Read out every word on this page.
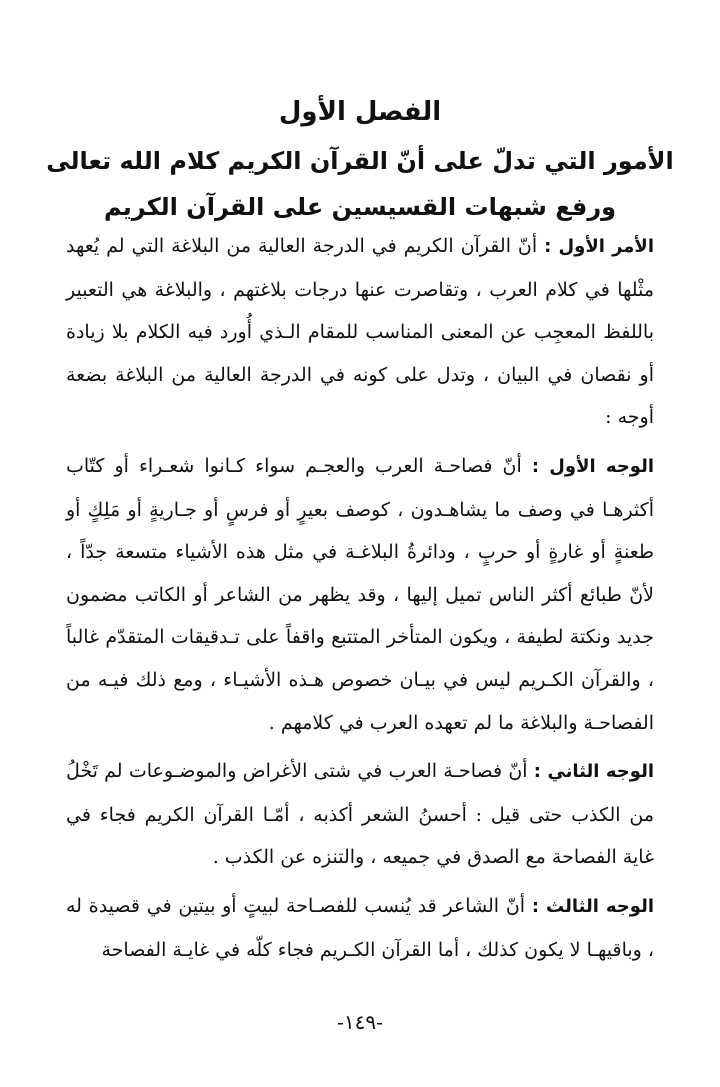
الفصل الأول
الأمور التي تدلّ على أنّ القرآن الكريم كلام الله تعالى
ورفع شبهات القسيسين على القرآن الكريم

الأمر الأول : أنّ القرآن الكريم في الدرجة العالية من البلاغة التي لم يُعهد مثْلها في كلام العرب ، وتقاصرت عنها درجات بلاغتهم ، والبلاغة هي التعبير باللفظ المعجِب عن المعنى المناسب للمقام الـذي أُورد فيه الكلام بلا زيادة أو نقصان في البيان ، وتدل على كونه في الدرجة العالية من البلاغة بضعة أوجه :

الوجه الأول : أنّ فصاحـة العرب والعجـم سواء كـانوا شعـراء أو كتّاب أكثرهـا في وصف ما يشاهـدون ، كوصف بعيرٍ أو فرسٍ أو جـاريةٍ أو مَلِكٍ أو طعنةٍ أو غارةٍ أو حربٍ ، ودائرةُ البلاغـة في مثل هذه الأشياء متسعة جدّاً ، لأنّ طبائع أكثر الناس تميل إليها ، وقد يظهر من الشاعر أو الكاتب مضمون جديد ونكتة لطيفة ، ويكون المتأخر المتتبع واقفاً على تـدقيقات المتقدّم غالباً ، والقرآن الكـريم ليس في بيـان خصوص هـذه الأشيـاء ، ومع ذلك فيـه من الفصاحـة والبلاغة ما لم تعهده العرب في كلامهم .

الوجه الثاني : أنّ فصاحـة العرب في شتى الأغراض والموضـوعات لم تَخْلُ من الكذب حتى قيل : أحسنُ الشعر أكذبه ، أمّـا القرآن الكريم فجاء في غاية الفصاحة مع الصدق في جميعه ، والتنزه عن الكذب .

الوجه الثالث : أنّ الشاعر قد يُنسب للفصـاحة لبيتٍ أو بيتين في قصيدة له ، وباقيهـا لا يكون كذلك ، أما القرآن الكـريم فجاء كلّه في غايـة الفصاحة

-١٤٩-
